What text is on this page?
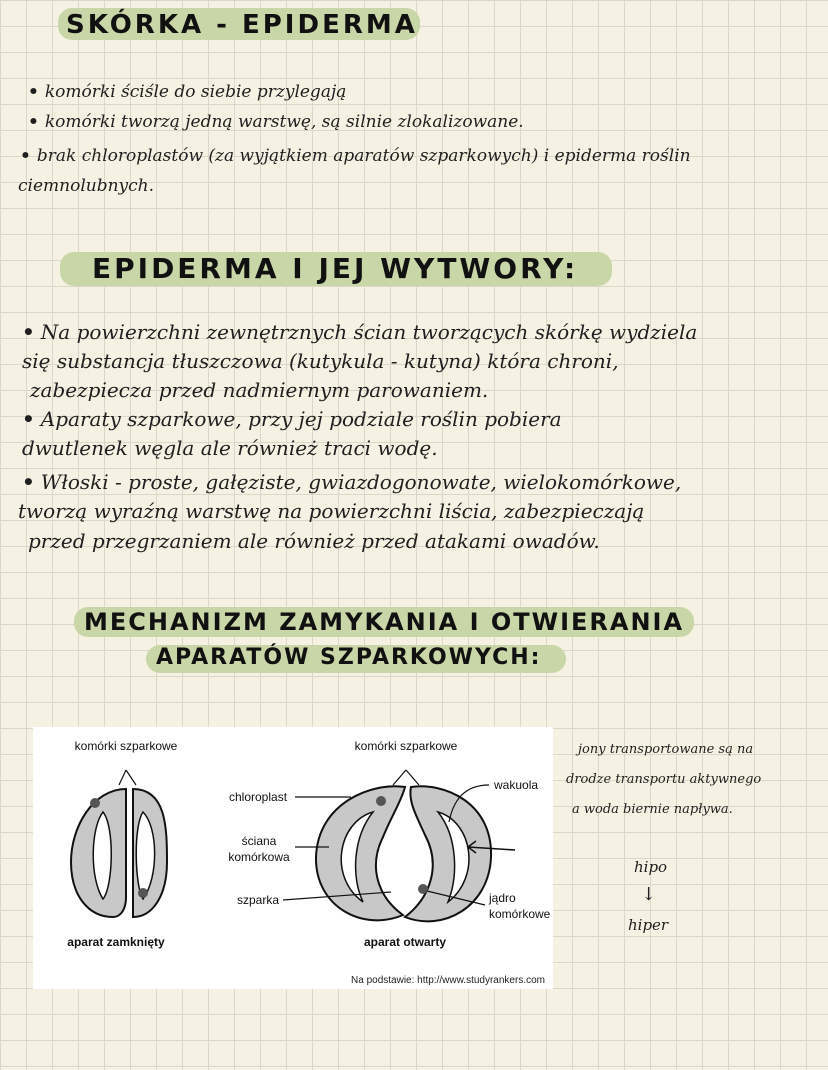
SKÓRKA - EPIDERMA
• komórki ściśle do siebie przylegają
• komórki tworzą jedną warstwę, są silnie zlokalizowane.
• brak chloroplastów (za wyjątkiem aparatów szparkowych) i epiderma roślin
ciemnolubnych.
EPIDERMA I JEJ WYTWORY:
• Na powierzchni zewnętrznych ścian tworzących skórkę wydziela
się substancja tłuszczowa (kutykula - kutyna) która chroni,
zabezpiecza przed nadmiernym parowaniem.
• Aparaty szparkowe, przy jej podziale roślin pobiera
dwutlenek węgla ale również traci wodę.
• Włoski - proste, gałęziste, gwiazdogonowate, wielokomórkowe,
tworzą wyraźną warstwę na powierzchni liścia, zabezpieczają
przed przegrzaniem ale również przed atakami owadów.
MECHANIZM ZAMYKANIA I OTWIERANIA
APARATÓW SZPARKOWYCH:
komórki szparkowe
aparat zamknięty
komórki szparkowe
chloroplast
ściana
komórkowa
szparka
wakuola
jądro
komórkowe
aparat otwarty
Na podstawie: http://www.studyrankers.com
jony transportowane są na
drodze transportu aktywnego
a woda biernie napływa.
hipo
↓
hiper
